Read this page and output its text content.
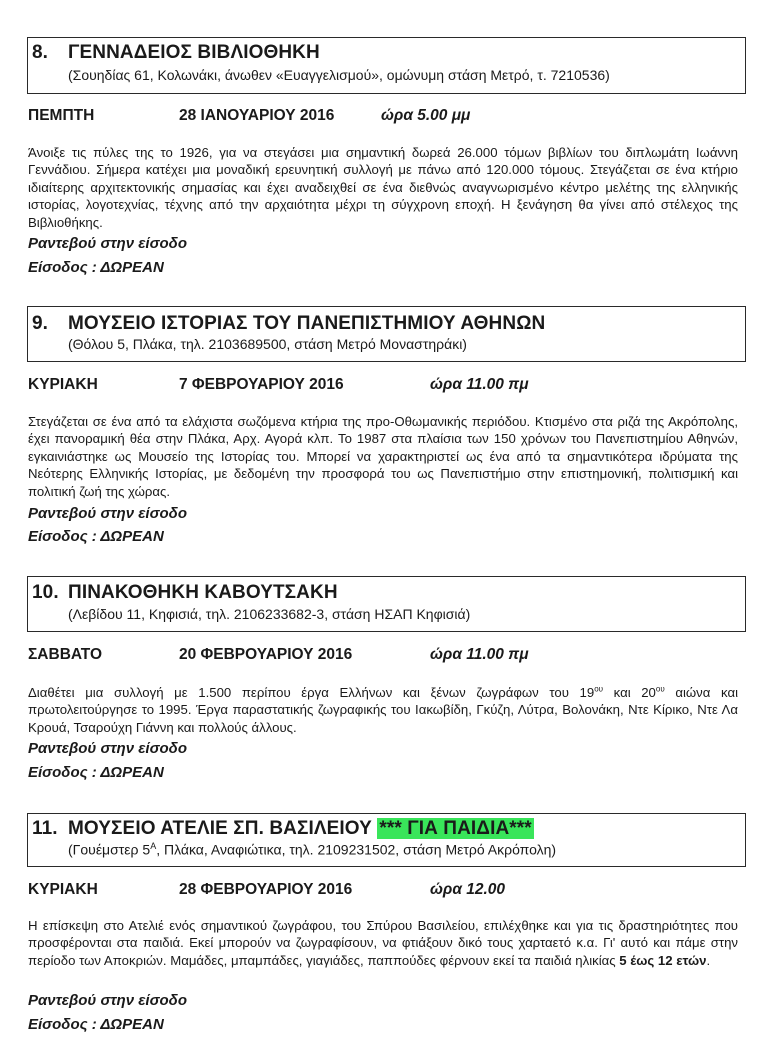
8. ΓΕΝΝΑΔΕΙΟΣ ΒΙΒΛΙΟΘΗΚΗ
(Σουηδίας 61, Κολωνάκι, άνωθεν «Ευαγγελισμού», ομώνυμη στάση Μετρό, τ. 7210536)
ΠΕΜΠΤΗ	28 ΙΑΝΟΥΑΡΙΟΥ 2016	ώρα 5.00 μμ
Άνοιξε τις πύλες της το 1926, για να στεγάσει μια σημαντική δωρεά 26.000 τόμων βιβλίων του διπλωμάτη Ιωάννη Γεννάδιου. Σήμερα κατέχει μια μοναδική ερευνητική συλλογή με πάνω από 120.000 τόμους. Στεγάζεται σε ένα κτήριο ιδιαίτερης αρχιτεκτονικής σημασίας και έχει αναδειχθεί σε ένα διεθνώς αναγνωρισμένο κέντρο μελέτης της ελληνικής ιστορίας, λογοτεχνίας, τέχνης από την αρχαιότητα μέχρι τη σύγχρονη εποχή. Η ξενάγηση θα γίνει από στέλεχος της Βιβλιοθήκης.
Ραντεβού στην είσοδο
Είσοδος : ΔΩΡΕΑΝ
9. ΜΟΥΣΕΙΟ ΙΣΤΟΡΙΑΣ ΤΟΥ ΠΑΝΕΠΙΣΤΗΜΙΟΥ ΑΘΗΝΩΝ
(Θόλου 5, Πλάκα, τηλ. 2103689500, στάση Μετρό Μοναστηράκι)
ΚΥΡΙΑΚΗ	7 ΦΕΒΡΟΥΑΡΙΟΥ 2016	ώρα 11.00 πμ
Στεγάζεται σε ένα από τα ελάχιστα σωζόμενα κτήρια της προ-Οθωμανικής περιόδου. Κτισμένο στα ριζά της Ακρόπολης, έχει πανοραμική θέα στην Πλάκα, Αρχ. Αγορά κλπ. Το 1987 στα πλαίσια των 150 χρόνων του Πανεπιστημίου Αθηνών, εγκαινιάστηκε ως Μουσείο της Ιστορίας του. Μπορεί να χαρακτηριστεί ως ένα από τα σημαντικότερα ιδρύματα της Νεότερης Ελληνικής Ιστορίας, με δεδομένη την προσφορά του ως Πανεπιστήμιο στην επιστημονική, πολιτισμική και πολιτική ζωή της χώρας.
Ραντεβού στην είσοδο
Είσοδος : ΔΩΡΕΑΝ
10. ΠΙΝΑΚΟΘΗΚΗ ΚΑΒΟΥΤΣΑΚΗ
(Λεβίδου 11, Κηφισιά, τηλ. 2106233682-3, στάση ΗΣΑΠ Κηφισιά)
ΣΑΒΒΑΤΟ	20 ΦΕΒΡΟΥΑΡΙΟΥ 2016	ώρα 11.00 πμ
Διαθέτει μια συλλογή με 1.500 περίπου έργα Ελλήνων και ξένων ζωγράφων του $19^{o\upsilon}$ και $20^{o\upsilon}$ αιώνα και πρωτολειτούργησε το 1995. Έργα παραστατικής ζωγραφικής του Ιακωβίδη, Γκύζη, Λύτρα, Βολονάκη, Ντε Κίρικο, Ντε Λα Κρουά, Τσαρούχη Γιάννη και πολλούς άλλους.
Ραντεβού στην είσοδο
Είσοδος : ΔΩΡΕΑΝ
11. ΜΟΥΣΕΙΟ ΑΤΕΛΙΕ ΣΠ. ΒΑΣΙΛΕΙΟΥ *** ΓΙΑ ΠΑΙΔΙΑ***
(Γουέμστερ $5^A$, Πλάκα, Αναφιώτικα, τηλ. 2109231502, στάση Μετρό Ακρόπολη)
ΚΥΡΙΑΚΗ	28 ΦΕΒΡΟΥΑΡΙΟΥ 2016	ώρα 12.00
Η επίσκεψη στο Ατελιέ ενός σημαντικού ζωγράφου, του Σπύρου Βασιλείου, επιλέχθηκε και για τις δραστηριότητες που προσφέρονται στα παιδιά. Εκεί μπορούν να ζωγραφίσουν, να φτιάξουν δικό τους χαρταετό κ.α. Γι' αυτό και πάμε στην περίοδο των Αποκριών. Μαμάδες, μπαμπάδες, γιαγιάδες, παππούδες φέρνουν εκεί τα παιδιά ηλικίας 5 έως 12 ετών.
Ραντεβού στην είσοδο
Είσοδος : ΔΩΡΕΑΝ
